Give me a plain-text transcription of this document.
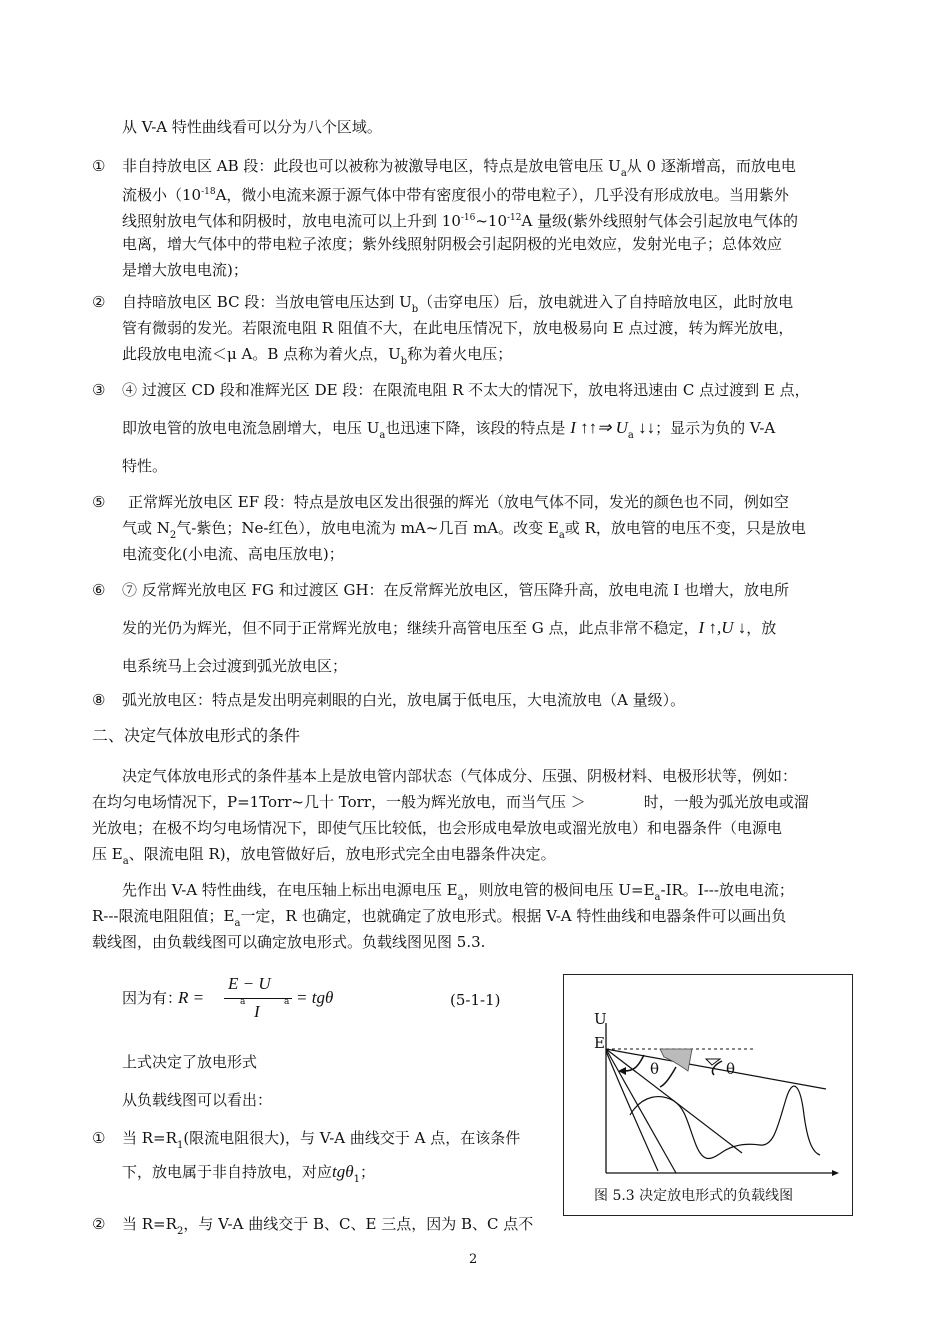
从 V-A 特性曲线看可以分为八个区域。
①	非自持放电区 AB 段：此段也可以被称为被激导电区，特点是放电管电压 $U_a$从 0 逐渐增高，而放电电
流极小（$10^{-18}A$，微小电流来源于源气体中带有密度很小的带电粒子），几乎没有形成放电。当用紫外
线照射放电气体和阴极时，放电电流可以上升到 $10^{-16}\sim 10^{-12}A$ 量级(紫外线照射气体会引起放电气体的
电离，增大气体中的带电粒子浓度；紫外线照射阴极会引起阴极的光电效应，发射光电子；总体效应
是增大放电电流)；
②	自持暗放电区 BC 段：当放电管电压达到 $U_b$（击穿电压）后，放电就进入了自持暗放电区，此时放电
管有微弱的发光。若限流电阻 R 阻值不大，在此电压情况下，放电极易向 E 点过渡，转为辉光放电，
此段放电电流＜μ A。B 点称为着火点，$U_b$称为着火电压；
③	④ 过渡区 CD 段和准辉光区 DE 段：在限流电阻 R 不太大的情况下，放电将迅速由 C 点过渡到 E 点，
即放电管的放电电流急剧增大，电压 $U_a$也迅速下降，该段的特点是 I ↑↑⇒ $U_a$ ↓↓；显示为负的 V-A
特性。
⑤	正常辉光放电区 EF 段：特点是放电区发出很强的辉光（放电气体不同，发光的颜色也不同，例如空
气或 $N_2$气-紫色；Ne-红色），放电电流为 mA~几百 mA。改变 $E_a$或 R，放电管的电压不变，只是放电
电流变化(小电流、高电压放电)；
⑥	⑦ 反常辉光放电区 FG 和过渡区 GH：在反常辉光放电区，管压降升高，放电电流 I 也增大，放电所
发的光仍为辉光，但不同于正常辉光放电；继续升高管电压至 G 点，此点非常不稳定，I ↑,U ↓，放
电系统马上会过渡到弧光放电区；
⑧	弧光放电区：特点是发出明亮刺眼的白光，放电属于低电压，大电流放电（A 量级）。
二、决定气体放电形式的条件
决定气体放电形式的条件基本上是放电管内部状态（气体成分、压强、阴极材料、电极形状等，例如：
在均匀电场情况下，P=1Torr~几十 Torr，一般为辉光放电，而当气压 ＞	时，一般为弧光放电或溜
光放电；在极不均匀电场情况下，即使气压比较低，也会形成电晕放电或溜光放电）和电器条件（电源电
压 $E_a$、限流电阻 R)，放电管做好后，放电形式完全由电器条件决定。
先作出 V-A 特性曲线，在电压轴上标出电源电压 $E_a$，则放电管的极间电压 $U=E_a-IR$。I---放电电流；
R---限流电阻阻值；$E_a$一定，R 也确定，也就确定了放电形式。根据 V-A 特性曲线和电器条件可以画出负
载线图，由负载线图可以确定放电形式。负载线图见图 5.3.
因为有：
R =
E − U
a	a
I
= tgθ	(5-1-1)
上式决定了放电形式
从负载线图可以看出：
①	当 $R=R_1$(限流电阻很大)，与 V-A 曲线交于 A 点，在该条件
下，放电属于非自持放电，对应tgθ$_1$；
②	当 $R=R_2$，与 V-A 曲线交于 B、C、E 三点，因为 B、C 点不
U
E
θ	θ
图 5.3 决定放电形式的负载线图
2
